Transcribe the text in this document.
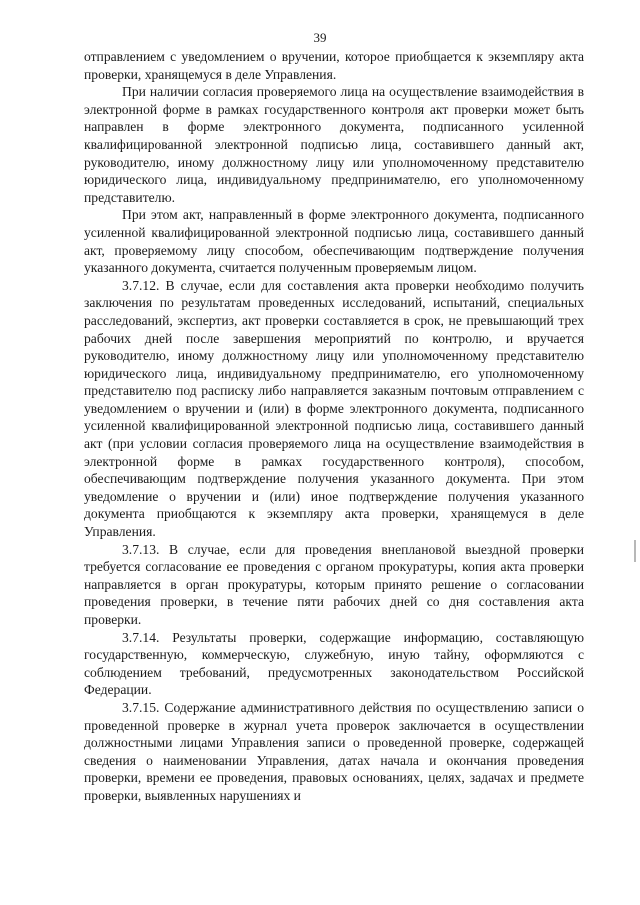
39

отправлением с уведомлением о вручении, которое приобщается к экземпляру акта проверки, хранящемуся в деле Управления.

При наличии согласия проверяемого лица на осуществление взаимодействия в электронной форме в рамках государственного контроля акт проверки может быть направлен в форме электронного документа, подписанного усиленной квалифицированной электронной подписью лица, составившего данный акт, руководителю, иному должностному лицу или уполномоченному представителю юридического лица, индивидуальному предпринимателю, его уполномоченному представителю.

При этом акт, направленный в форме электронного документа, подписанного усиленной квалифицированной электронной подписью лица, составившего данный акт, проверяемому лицу способом, обеспечивающим подтверждение получения указанного документа, считается полученным проверяемым лицом.

3.7.12. В случае, если для составления акта проверки необходимо получить заключения по результатам проведенных исследований, испытаний, специальных расследований, экспертиз, акт проверки составляется в срок, не превышающий трех рабочих дней после завершения мероприятий по контролю, и вручается руководителю, иному должностному лицу или уполномоченному представителю юридического лица, индивидуальному предпринимателю, его уполномоченному представителю под расписку либо направляется заказным почтовым отправлением с уведомлением о вручении и (или) в форме электронного документа, подписанного усиленной квалифицированной электронной подписью лица, составившего данный акт (при условии согласия проверяемого лица на осуществление взаимодействия в электронной форме в рамках государственного контроля), способом, обеспечивающим подтверждение получения указанного документа. При этом уведомление о вручении и (или) иное подтверждение получения указанного документа приобщаются к экземпляру акта проверки, хранящемуся в деле Управления.

3.7.13. В случае, если для проведения внеплановой выездной проверки требуется согласование ее проведения с органом прокуратуры, копия акта проверки направляется в орган прокуратуры, которым принято решение о согласовании проведения проверки, в течение пяти рабочих дней со дня составления акта проверки.

3.7.14. Результаты проверки, содержащие информацию, составляющую государственную, коммерческую, служебную, иную тайну, оформляются с соблюдением требований, предусмотренных законодательством Российской Федерации.

3.7.15. Содержание административного действия по осуществлению записи о проведенной проверке в журнал учета проверок заключается в осуществлении должностными лицами Управления записи о проведенной проверке, содержащей сведения о наименовании Управления, датах начала и окончания проведения проверки, времени ее проведения, правовых основаниях, целях, задачах и предмете проверки, выявленных нарушениях и
